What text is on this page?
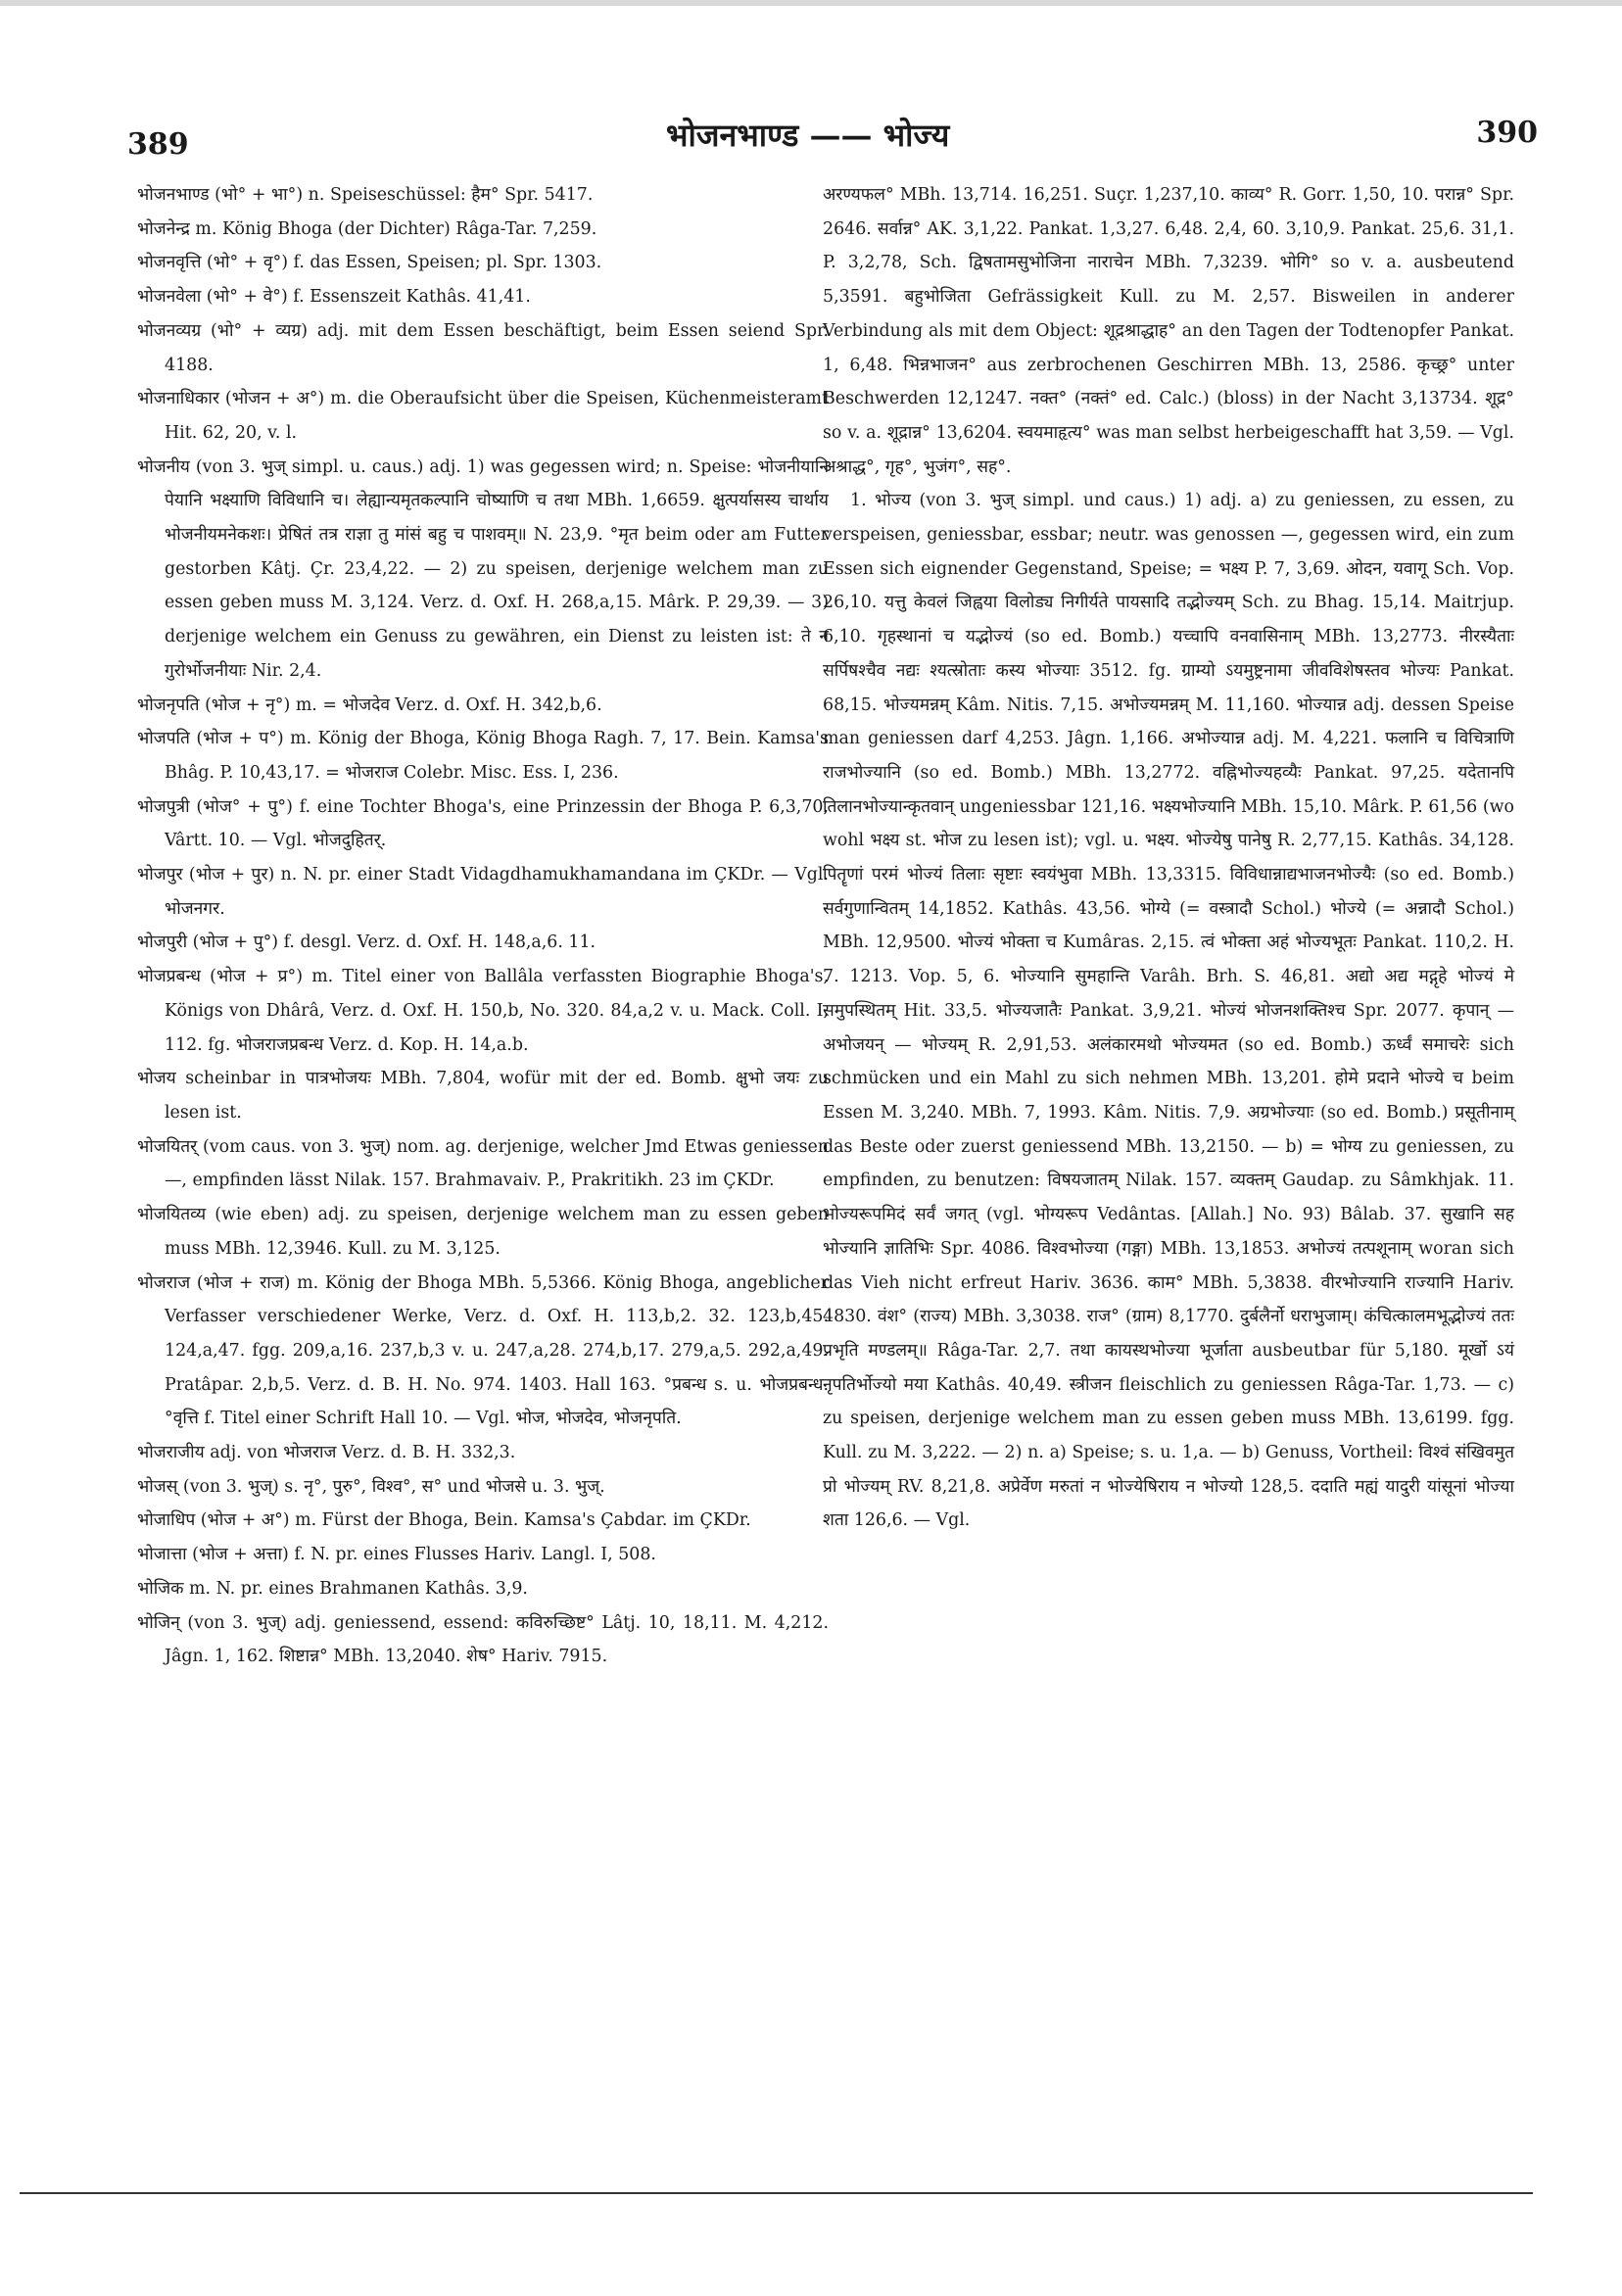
389	भोजनभाण्ड —— भोज्य	390

भोजनभाण्ड (भो° + भा°) n. Speiseschüssel: हैम° Spr. 5417.

भोजनेन्द्र m. König Bhoga (der Dichter) Râga-Tar. 7,259.

भोजनवृत्ति (भो° + वृ°) f. das Essen, Speisen; pl. Spr. 1303.

भोजनवेला (भो° + वे°) f. Essenszeit Kathâs. 41,41.

भोजनव्यग्र (भो° + व्यग्र) adj. mit dem Essen beschäftigt, beim Essen seiend Spr. 4188.

भोजनाधिकार (भोजन + अ°) m. die Oberaufsicht über die Speisen, Küchenmeisteramt Hit. 62, 20, v. l.

भोजनीय (von 3. भुज् simpl. u. caus.) adj. 1) was gegessen wird; n. Speise: भोजनीयानि पेयानि भक्ष्याणि विविधानि च। लेह्यान्यमृतकल्पानि चोष्याणि च तथा MBh. 1,6659. क्षुत्पर्यासस्य चार्थाय भोजनीयमनेकशः। प्रेषितं तत्र राज्ञा तु मांसं बहु च पाशवम्॥ N. 23,9. °मृत beim oder am Futter gestorben Kâtj. Çr. 23,4,22. — 2) zu speisen, derjenige welchem man zu essen geben muss M. 3,124. Verz. d. Oxf. H. 268,a,15. Mârk. P. 29,39. — 3) derjenige welchem ein Genuss zu gewähren, ein Dienst zu leisten ist: ते न गुरोर्भोजनीयाः Nir. 2,4.

भोजनृपति (भोज + नृ°) m. = भोजदेव Verz. d. Oxf. H. 342,b,6.

भोजपति (भोज + प°) m. König der Bhoga, König Bhoga Ragh. 7, 17. Bein. Kamsa's Bhâg. P. 10,43,17. = भोजराज Colebr. Misc. Ess. I, 236.

भोजपुत्री (भोज° + पु°) f. eine Tochter Bhoga's, eine Prinzessin der Bhoga P. 6,3,70, Vârtt. 10. — Vgl. भोजदुहितर्.

भोजपुर (भोज + पुर) n. N. pr. einer Stadt Vidagdhamukhamandana im ÇKDr. — Vgl. भोजनगर.

भोजपुरी (भोज + पु°) f. desgl. Verz. d. Oxf. H. 148,a,6. 11.

भोजप्रबन्ध (भोज + प्र°) m. Titel einer von Ballâla verfassten Biographie Bhoga's, Königs von Dhârâ, Verz. d. Oxf. H. 150,b, No. 320. 84,a,2 v. u. Mack. Coll. I, 112. fg. भोजराजप्रबन्ध Verz. d. Kop. H. 14,a.b.

भोजय scheinbar in पात्रभोजयः MBh. 7,804, wofür mit der ed. Bomb. क्षुभो जयः zu lesen ist.

भोजयितर् (vom caus. von 3. भुज्) nom. ag. derjenige, welcher Jmd Etwas geniessen —, empfinden lässt Nilak. 157. Brahmavaiv. P., Prakritikh. 23 im ÇKDr.

भोजयितव्य (wie eben) adj. zu speisen, derjenige welchem man zu essen geben muss MBh. 12,3946. Kull. zu M. 3,125.

भोजराज (भोज + राज) m. König der Bhoga MBh. 5,5366. König Bhoga, angeblicher Verfasser verschiedener Werke, Verz. d. Oxf. H. 113,b,2. 32. 123,b,45. 124,a,47. fgg. 209,a,16. 237,b,3 v. u. 247,a,28. 274,b,17. 279,a,5. 292,a,49. Pratâpar. 2,b,5. Verz. d. B. H. No. 974. 1403. Hall 163. °प्रबन्ध s. u. भोजप्रबन्ध. °वृत्ति f. Titel einer Schrift Hall 10. — Vgl. भोज, भोजदेव, भोजनृपति.

भोजराजीय adj. von भोजराज Verz. d. B. H. 332,3.

भोजस् (von 3. भुज्) s. नृ°, पुरु°, विश्व°, स° und भोजसे u. 3. भुज्.

भोजाधिप (भोज + अ°) m. Fürst der Bhoga, Bein. Kamsa's Çabdar. im ÇKDr.

भोजात्ता (भोज + अत्ता) f. N. pr. eines Flusses Hariv. Langl. I, 508.

भोजिक m. N. pr. eines Brahmanen Kathâs. 3,9.

भोजिन् (von 3. भुज्) adj. geniessend, essend: कविरुच्छिष्ट° Lâtj. 10, 18,11. M. 4,212. Jâgn. 1, 162. शिष्टान्न° MBh. 13,2040. शेष° Hariv. 7915.

अरण्यफल° MBh. 13,714. 16,251. Suçr. 1,237,10. काव्य° R. Gorr. 1,50, 10. परान्न° Spr. 2646. सर्वान्न° AK. 3,1,22. Pankat. 1,3,27. 6,48. 2,4, 60. 3,10,9. Pankat. 25,6. 31,1. P. 3,2,78, Sch. द्विषतामसुभोजिना नाराचेन MBh. 7,3239. भोगि° so v. a. ausbeutend 5,3591. बहुभोजिता Gefrässigkeit Kull. zu M. 2,57. Bisweilen in anderer Verbindung als mit dem Object: शूद्रश्राद्धाह° an den Tagen der Todtenopfer Pankat. 1, 6,48. भिन्नभाजन° aus zerbrochenen Geschirren MBh. 13, 2586. कृच्छ्र° unter Beschwerden 12,1247. नक्त° (नक्तं° ed. Calc.) (bloss) in der Nacht 3,13734. शूद्र° so v. a. शूद्रान्न° 13,6204. स्वयमाहृत्य° was man selbst herbeigeschafft hat 3,59. — Vgl. अश्राद्ध°, गृह°, भुजंग°, सह°.

1. भोज्य (von 3. भुज् simpl. und caus.) 1) adj. a) zu geniessen, zu essen, zu verspeisen, geniessbar, essbar; neutr. was genossen —, gegessen wird, ein zum Essen sich eignender Gegenstand, Speise; = भक्ष्य P. 7, 3,69. ओदन, यवागू Sch. Vop. 26,10. यत्तु केवलं जिह्वया विलोड्य निगीर्यते पायसादि तद्भोज्यम् Sch. zu Bhag. 15,14. Maitrjup. 6,10. गृहस्थानां च यद्भोज्यं (so ed. Bomb.) यच्चापि वनवासिनाम् MBh. 13,2773. नीरस्यैताः सर्पिषश्चैव नद्यः श्यत्स्रोताः कस्य भोज्याः 3512. fg. ग्राम्यो ऽयमुष्ट्रनामा जीवविशेषस्तव भोज्यः Pankat. 68,15. भोज्यमन्नम् Kâm. Nitis. 7,15. अभोज्यमन्नम् M. 11,160. भोज्यान्न adj. dessen Speise man geniessen darf 4,253. Jâgn. 1,166. अभोज्यान्न adj. M. 4,221. फलानि च विचित्राणि राजभोज्यानि (so ed. Bomb.) MBh. 13,2772. वह्निभोज्यहव्यैः Pankat. 97,25. यदेतानपि तिलानभोज्यान्कृतवान् ungeniessbar 121,16. भक्ष्यभोज्यानि MBh. 15,10. Mârk. P. 61,56 (wo wohl भक्ष्य st. भोज zu lesen ist); vgl. u. भक्ष्य. भोज्येषु पानेषु R. 2,77,15. Kathâs. 34,128. पितॄणां परमं भोज्यं तिलाः सृष्टाः स्वयंभुवा MBh. 13,3315. विविधान्नाद्यभाजनभोज्यैः (so ed. Bomb.) सर्वगुणान्वितम् 14,1852. Kathâs. 43,56. भोग्ये (= वस्त्रादौ Schol.) भोज्ये (= अन्नादौ Schol.) MBh. 12,9500. भोज्यं भोक्ता च Kumâras. 2,15. त्वं भोक्ता अहं भोज्यभूतः Pankat. 110,2. H. 7. 1213. Vop. 5, 6. भोज्यानि सुमहान्ति Varâh. Brh. S. 46,81. अद्यो अद्य मद्गृहे भोज्यं मे समुपस्थितम् Hit. 33,5. भोज्यजातैः Pankat. 3,9,21. भोज्यं भोजनशक्तिश्च Spr. 2077. कृपान् — अभोजयन् — भोज्यम् R. 2,91,53. अलंकारमथो भोज्यमत (so ed. Bomb.) ऊर्ध्वं समाचरेः sich schmücken und ein Mahl zu sich nehmen MBh. 13,201. होमे प्रदाने भोज्ये च beim Essen M. 3,240. MBh. 7, 1993. Kâm. Nitis. 7,9. अग्रभोज्याः (so ed. Bomb.) प्रसूतीनाम् das Beste oder zuerst geniessend MBh. 13,2150. — b) = भोग्य zu geniessen, zu empfinden, zu benutzen: विषयजातम् Nilak. 157. व्यक्तम् Gaudap. zu Sâmkhjak. 11. भोज्यरूपमिदं सर्वं जगत् (vgl. भोग्यरूप Vedântas. [Allah.] No. 93) Bâlab. 37. सुखानि सह भोज्यानि ज्ञातिभिः Spr. 4086. विश्वभोज्या (गङ्गा) MBh. 13,1853. अभोज्यं तत्पशूनाम् woran sich das Vieh nicht erfreut Hariv. 3636. काम° MBh. 5,3838. वीरभोज्यानि राज्यानि Hariv. 4830. वंश° (राज्य) MBh. 3,3038. राज° (ग्राम) 8,1770. दुर्बलैर्नो धराभुजाम्। कंचित्कालमभूद्भोज्यं ततः प्रभृति मण्डलम्॥ Râga-Tar. 2,7. तथा कायस्थभोज्या भूर्जाता ausbeutbar für 5,180. मूर्खो ऽयं नृपतिर्भोज्यो मया Kathâs. 40,49. स्त्रीजन fleischlich zu geniessen Râga-Tar. 1,73. — c) zu speisen, derjenige welchem man zu essen geben muss MBh. 13,6199. fgg. Kull. zu M. 3,222. — 2) n. a) Speise; s. u. 1,a. — b) Genuss, Vortheil: विश्वं संखिवमुत प्रो भोज्यम् RV. 8,21,8. अप्रेर्वेण मरुतां न भोज्येषिराय न भोज्यो 128,5. ददाति मह्यं यादुरी यांसूनां भोज्या शता 126,6. — Vgl.
